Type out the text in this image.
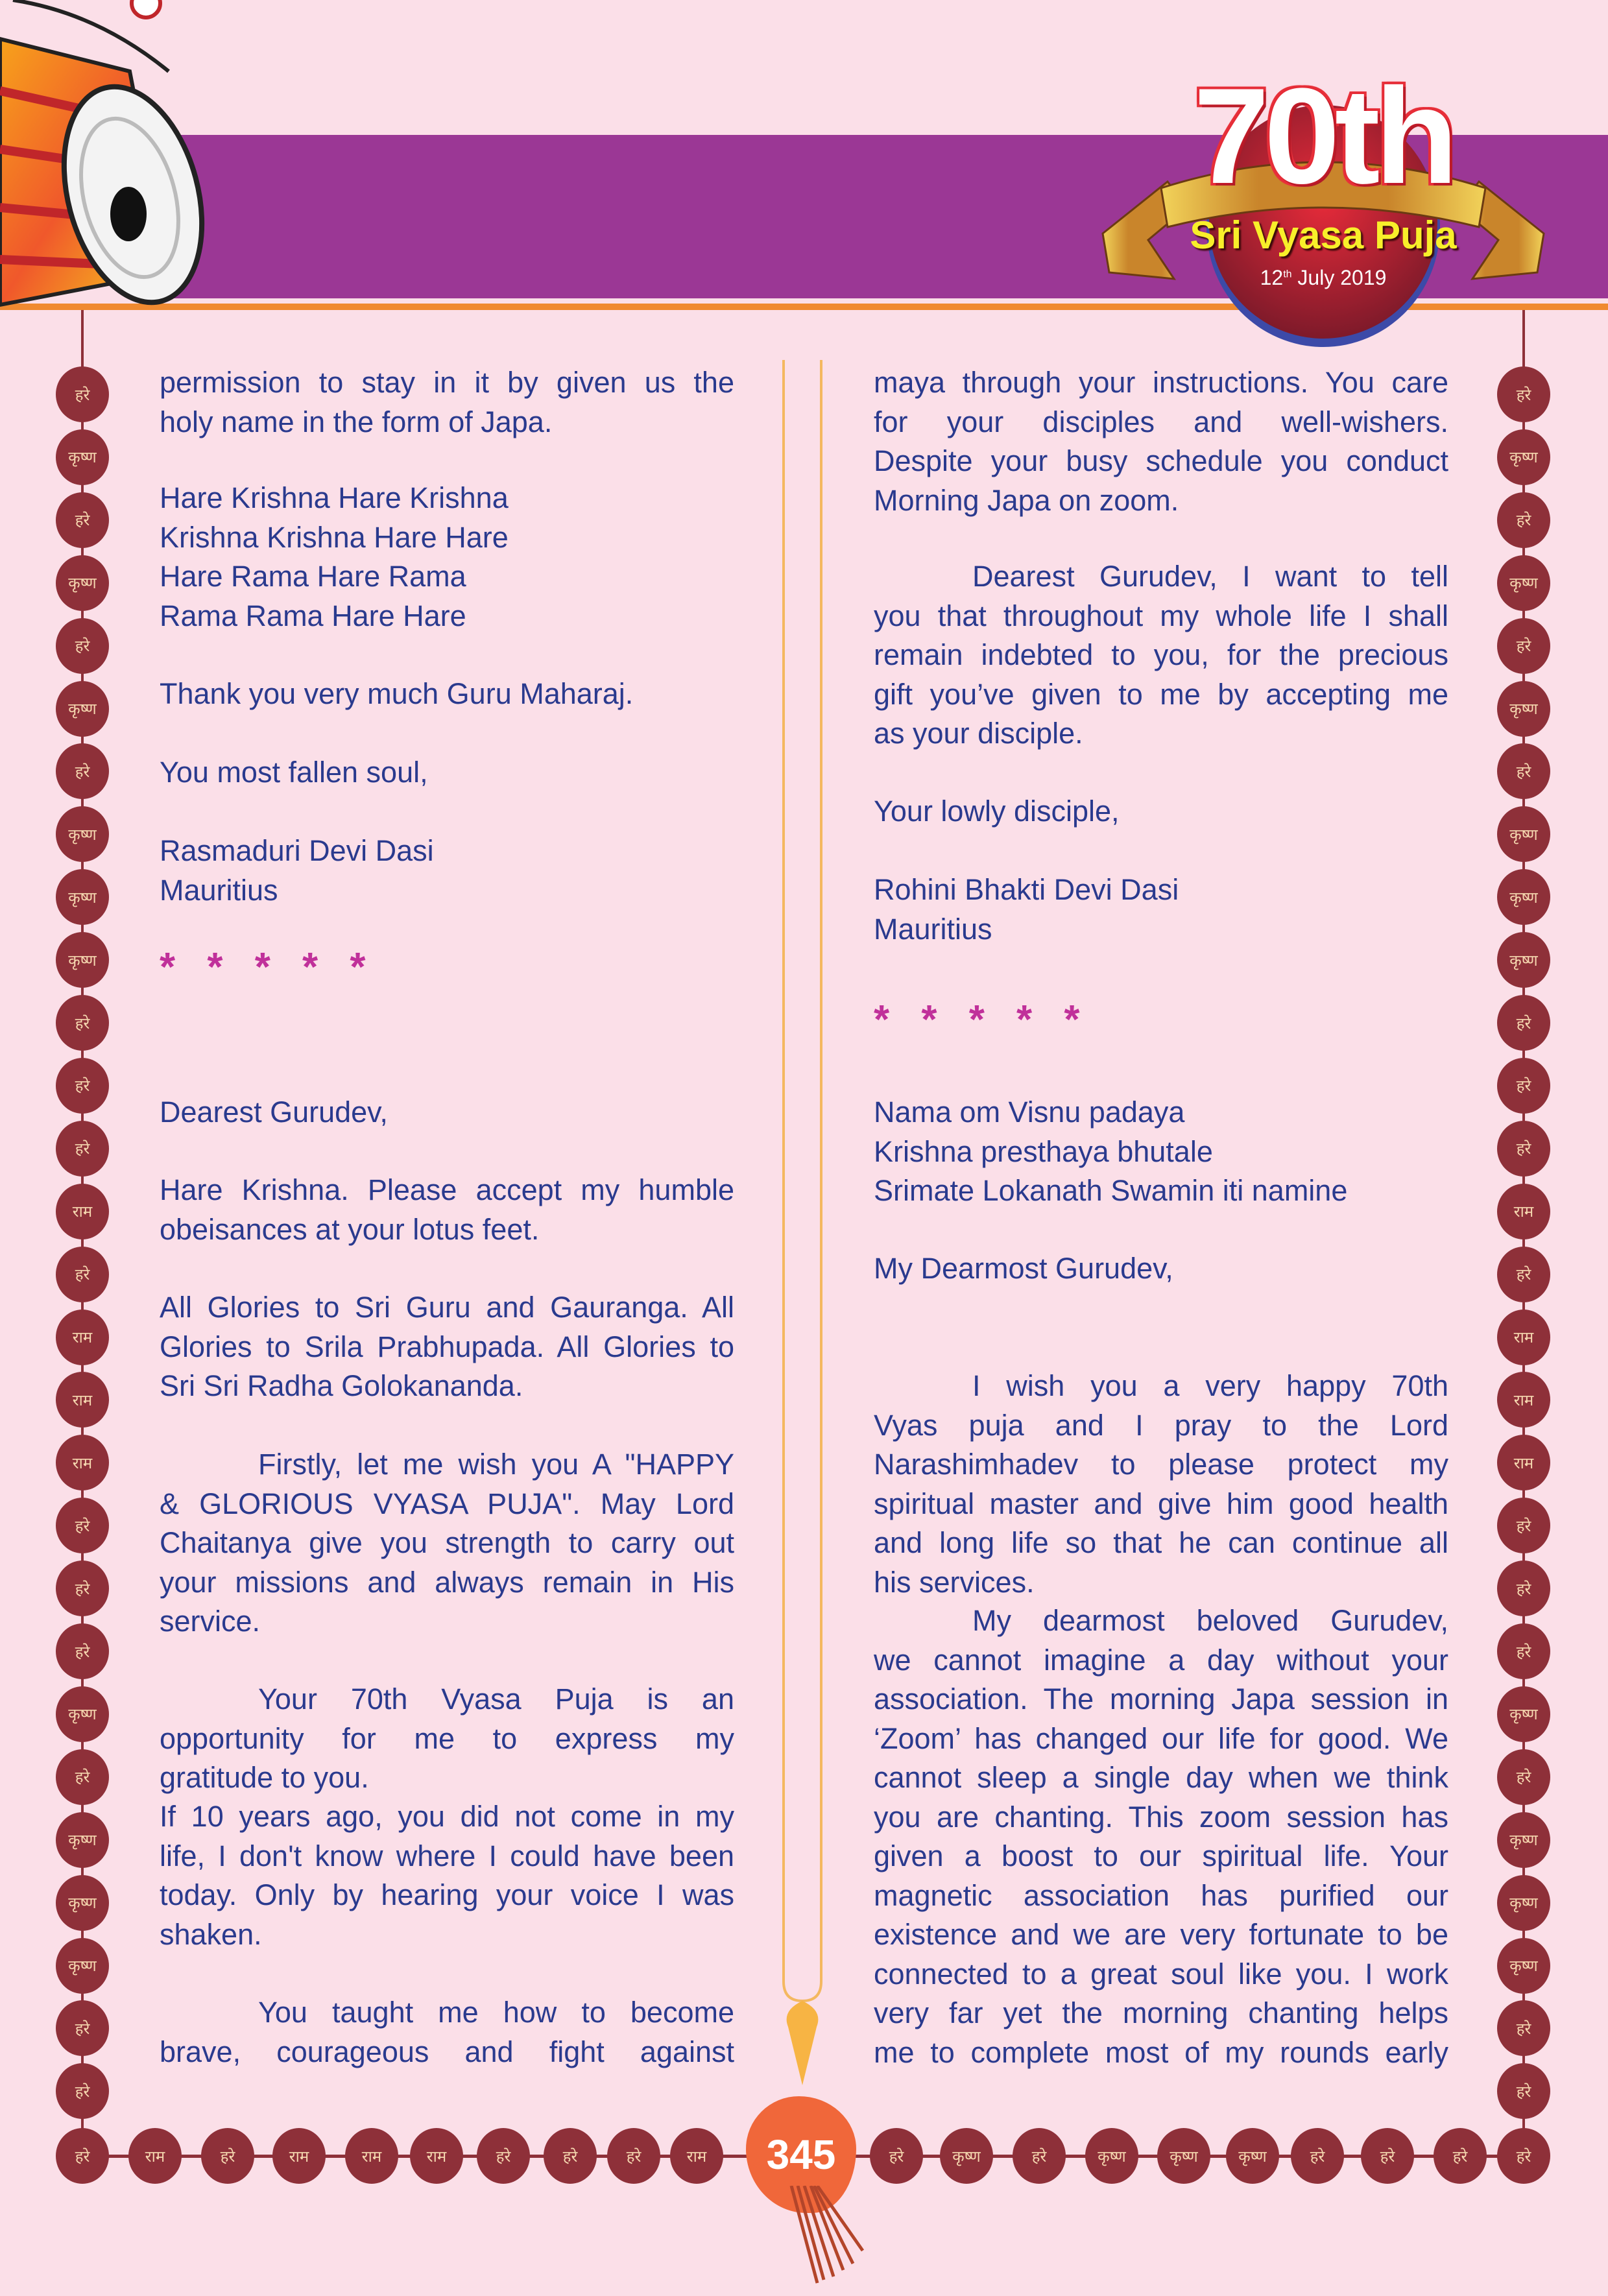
70th
Sri Vyasa Puja
12th July 2019
हरे
कृष्ण
हरे
कृष्ण
हरे
कृष्ण
हरे
कृष्ण
कृष्ण
कृष्ण
हरे
हरे
हरे
राम
हरे
राम
राम
राम
हरे
हरे
हरे
कृष्ण
हरे
कृष्ण
कृष्ण
कृष्ण
हरे
हरे
हरे
कृष्ण
हरे
कृष्ण
हरे
कृष्ण
हरे
कृष्ण
कृष्ण
कृष्ण
हरे
हरे
हरे
राम
हरे
राम
राम
राम
हरे
हरे
हरे
कृष्ण
हरे
कृष्ण
कृष्ण
कृष्ण
हरे
हरे
हरे	राम	हरे	राम	राम	राम	हरे	हरे	हरे	राम	हरे	कृष्ण	हरे	कृष्ण	कृष्ण	कृष्ण	हरे	हरे	हरे	हरे
permission to stay in it by given us the
holy name in the form of Japa.
Hare Krishna Hare Krishna
Krishna Krishna Hare Hare
Hare Rama Hare Rama
Rama Rama Hare Hare
Thank you very much Guru Maharaj.
You most fallen soul,
Rasmaduri Devi Dasi
Mauritius
* * * * *
Dearest Gurudev,
Hare Krishna. Please accept my humble
obeisances at your lotus feet.
All Glories to Sri Guru and Gauranga. All
Glories to Srila Prabhupada. All Glories to
Sri Sri Radha Golokananda.
Firstly, let me wish you A "HAPPY
& GLORIOUS VYASA PUJA". May Lord
Chaitanya give you strength to carry out
your missions and always remain in His
service.
Your 70th Vyasa Puja is an
opportunity for me to express my
gratitude to you.
If 10 years ago, you did not come in my
life, I don't know where I could have been
today. Only by hearing your voice I was
shaken.
You taught me how to become
brave, courageous and fight against
maya through your instructions. You care
for your disciples and well-wishers.
Despite your busy schedule you conduct
Morning Japa on zoom.
Dearest Gurudev, I want to tell
you that throughout my whole life I shall
remain indebted to you, for the precious
gift you’ve given to me by accepting me
as your disciple.
Your lowly disciple,
Rohini Bhakti Devi Dasi
Mauritius
* * * * *
Nama om Visnu padaya
Krishna presthaya bhutale
Srimate Lokanath Swamin iti namine
My Dearmost Gurudev,
I wish you a very happy 70th
Vyas puja and I pray to the Lord
Narashimhadev to please protect my
spiritual master and give him good health
and long life so that he can continue all
his services.
My dearmost beloved Gurudev,
we cannot imagine a day without your
association. The morning Japa session in
‘Zoom’ has changed our life for good. We
cannot sleep a single day when we think
you are chanting. This zoom session has
given a boost to our spiritual life. Your
magnetic association has purified our
existence and we are very fortunate to be
connected to a great soul like you. I work
very far yet the morning chanting helps
me to complete most of my rounds early
345
